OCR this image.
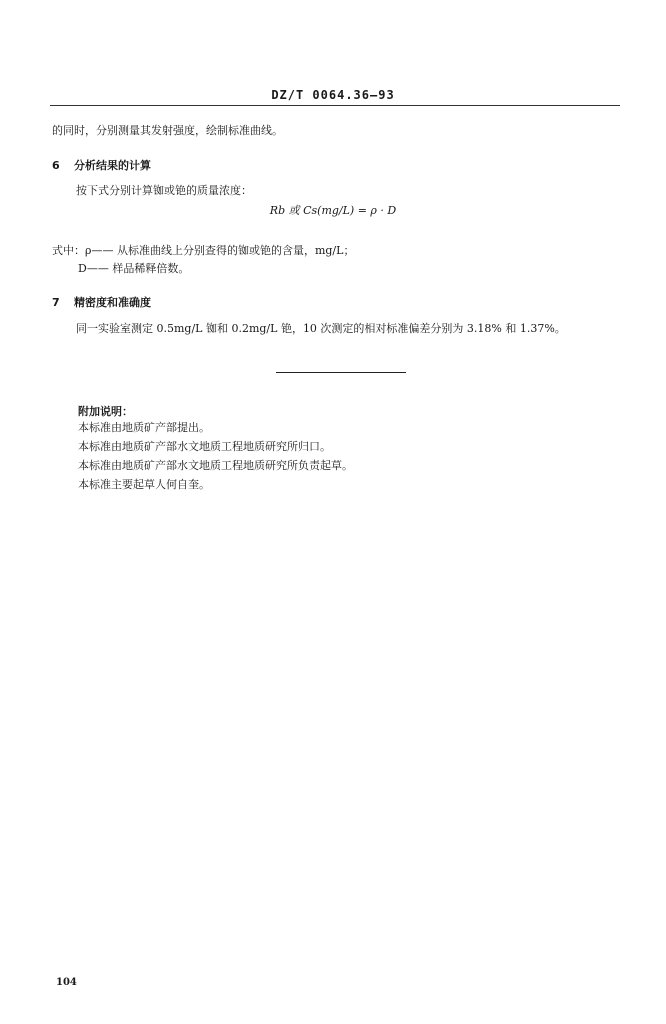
DZ/T 0064.36—93
的同时，分别测量其发射强度，绘制标准曲线。
6 分析结果的计算
按下式分别计算铷或铯的质量浓度：
Rb 或 Cs(mg/L) = ρ · D
式中：ρ—— 从标准曲线上分别查得的铷或铯的含量，mg/L；
D—— 样品稀释倍数。
7 精密度和准确度
同一实验室测定 0.5mg/L 铷和 0.2mg/L 铯，10 次测定的相对标准偏差分别为 3.18% 和 1.37%。
附加说明：
本标准由地质矿产部提出。
本标准由地质矿产部水文地质工程地质研究所归口。
本标准由地质矿产部水文地质工程地质研究所负责起草。
本标准主要起草人何自奎。
104
